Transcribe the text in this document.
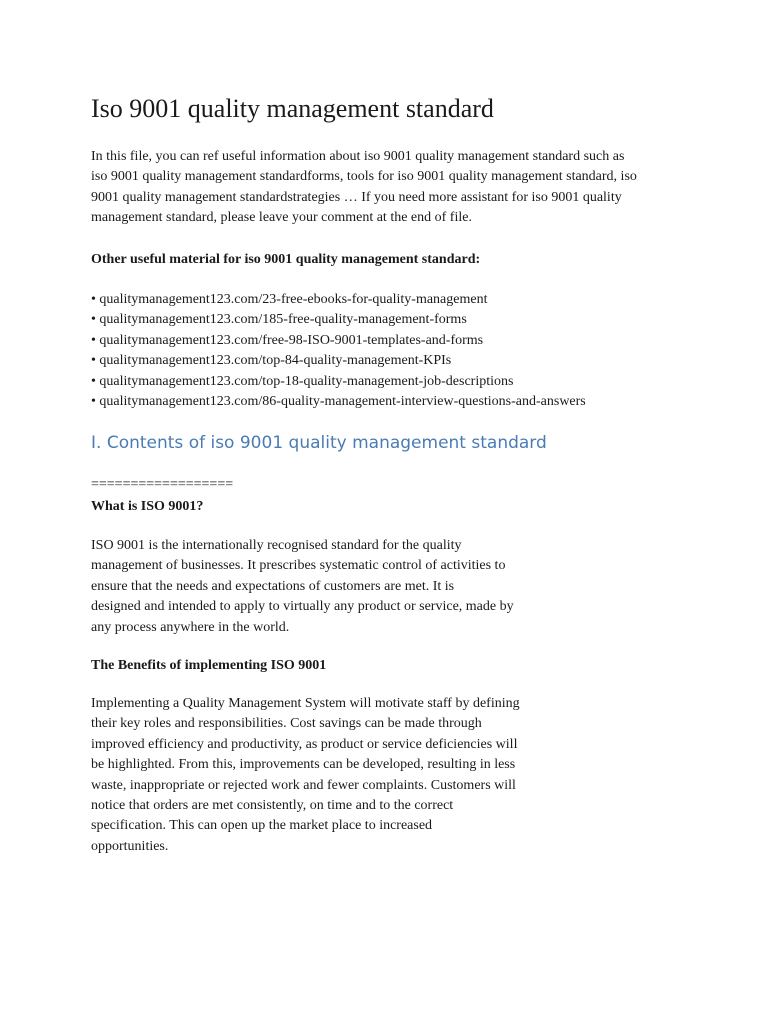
Iso 9001 quality management standard
In this file, you can ref useful information about iso 9001 quality management standard such as
iso 9001 quality management standardforms, tools for iso 9001 quality management standard, iso
9001 quality management standardstrategies … If you need more assistant for iso 9001 quality
management standard, please leave your comment at the end of file.
Other useful material for iso 9001 quality management standard:
• qualitymanagement123.com/23-free-ebooks-for-quality-management
• qualitymanagement123.com/185-free-quality-management-forms
• qualitymanagement123.com/free-98-ISO-9001-templates-and-forms
• qualitymanagement123.com/top-84-quality-management-KPIs
• qualitymanagement123.com/top-18-quality-management-job-descriptions
• qualitymanagement123.com/86-quality-management-interview-questions-and-answers
I. Contents of iso 9001 quality management standard
==================
What is ISO 9001?
ISO 9001 is the internationally recognised standard for the quality
management of businesses. It prescribes systematic control of activities to
ensure that the needs and expectations of customers are met. It is
designed and intended to apply to virtually any product or service, made by
any process anywhere in the world.
The Benefits of implementing ISO 9001
Implementing a Quality Management System will motivate staff by defining
their key roles and responsibilities. Cost savings can be made through
improved efficiency and productivity, as product or service deficiencies will
be highlighted. From this, improvements can be developed, resulting in less
waste, inappropriate or rejected work and fewer complaints. Customers will
notice that orders are met consistently, on time and to the correct
specification. This can open up the market place to increased
opportunities.
